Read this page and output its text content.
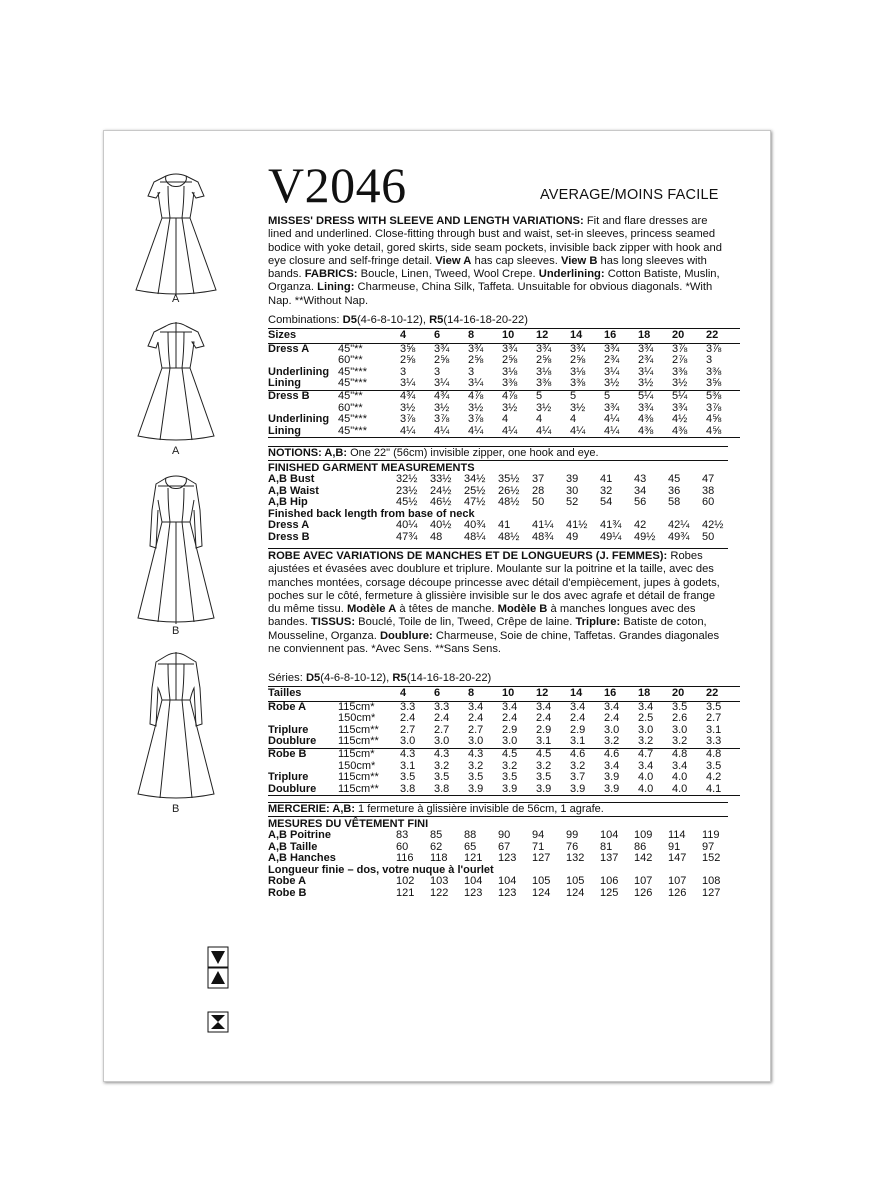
A
A
B
B
V2046	AVERAGE/MOINS FACILE
MISSES' DRESS WITH SLEEVE AND LENGTH VARIATIONS: Fit and flare dresses are lined and underlined. Close-fitting through bust and waist, set-in sleeves, princess seamed bodice with yoke detail, gored skirts, side seam pockets, invisible back zipper with hook and eye closure and self-fringe detail. View A has cap sleeves. View B has long sleeves with bands. FABRICS: Boucle, Linen, Tweed, Wool Crepe. Underlining: Cotton Batiste, Muslin, Organza. Lining: Charmeuse, China Silk, Taffeta. Unsuitable for obvious diagonals. *With Nap. **Without Nap.
Combinations: D5(4-6-8-10-12), R5(14-16-18-20-22)
Sizes		4	6	8	10	12	14	16	18	20	22
Dress A	45"**	3⅝	3¾	3¾	3¾	3¾	3¾	3¾	3¾	3⅞	3⅞
	60"**	2⅝	2⅝	2⅝	2⅝	2⅝	2⅝	2¾	2¾	2⅞	3
Underlining	45"***	3	3	3	3⅛	3⅛	3⅛	3¼	3¼	3⅜	3⅜
Lining	45"***	3¼	3¼	3¼	3⅜	3⅜	3⅜	3½	3½	3½	3⅝
Dress B	45"**	4¾	4¾	4⅞	4⅞	5	5	5	5¼	5¼	5⅜
	60"**	3½	3½	3½	3½	3½	3½	3¾	3¾	3¾	3⅞
Underlining	45"***	3⅞	3⅞	3⅞	4	4	4	4¼	4⅜	4½	4⅝
Lining	45"***	4¼	4¼	4¼	4¼	4¼	4¼	4¼	4⅜	4⅜	4⅝
NOTIONS: A,B: One 22" (56cm) invisible zipper, one hook and eye.
FINISHED GARMENT MEASUREMENTS
A,B Bust	32½	33½	34½	35½	37	39	41	43	45	47
A,B Waist	23½	24½	25½	26½	28	30	32	34	36	38
A,B Hip	45½	46½	47½	48½	50	52	54	56	58	60
Finished back length from base of neck										
Dress A	40¼	40½	40¾	41	41¼	41½	41¾	42	42¼	42½
Dress B	47¾	48	48¼	48½	48¾	49	49¼	49½	49¾	50
ROBE AVEC VARIATIONS DE MANCHES ET DE LONGUEURS (J. FEMMES): Robes ajustées et évasées avec doublure et triplure. Moulante sur la poitrine et la taille, avec des manches montées, corsage découpe princesse avec détail d'empiècement, jupes à godets, poches sur le côté, fermeture à glissière invisible sur le dos avec agrafe et détail de frange du même tissu. Modèle A à têtes de manche. Modèle B à manches longues avec des bandes. TISSUS: Bouclé, Toile de lin, Tweed, Crêpe de laine. Triplure: Batiste de coton, Mousseline, Organza. Doublure: Charmeuse, Soie de chine, Taffetas. Grandes diagonales ne conviennent pas. *Avec Sens. **Sans Sens.
Séries: D5(4-6-8-10-12), R5(14-16-18-20-22)
Tailles		4	6	8	10	12	14	16	18	20	22
Robe A	115cm*	3.3	3.3	3.4	3.4	3.4	3.4	3.4	3.4	3.5	3.5
	150cm*	2.4	2.4	2.4	2.4	2.4	2.4	2.4	2.5	2.6	2.7
Triplure	115cm**	2.7	2.7	2.7	2.9	2.9	2.9	3.0	3.0	3.0	3.1
Doublure	115cm**	3.0	3.0	3.0	3.0	3.1	3.1	3.2	3.2	3.2	3.3
Robe B	115cm*	4.3	4.3	4.3	4.5	4.5	4.6	4.6	4.7	4.8	4.8
	150cm*	3.1	3.2	3.2	3.2	3.2	3.2	3.4	3.4	3.4	3.5
Triplure	115cm**	3.5	3.5	3.5	3.5	3.5	3.7	3.9	4.0	4.0	4.2
Doublure	115cm**	3.8	3.8	3.9	3.9	3.9	3.9	3.9	4.0	4.0	4.1
MERCERIE: A,B: 1 fermeture à glissière invisible de 56cm, 1 agrafe.
MESURES DU VÊTEMENT FINI
A,B Poitrine	83	85	88	90	94	99	104	109	114	119
A,B Taille	60	62	65	67	71	76	81	86	91	97
A,B Hanches	116	118	121	123	127	132	137	142	147	152
Longueur finie – dos, votre nuque à l'ourlet										
Robe A	102	103	104	104	105	105	106	107	107	108
Robe B	121	122	123	123	124	124	125	126	126	127
